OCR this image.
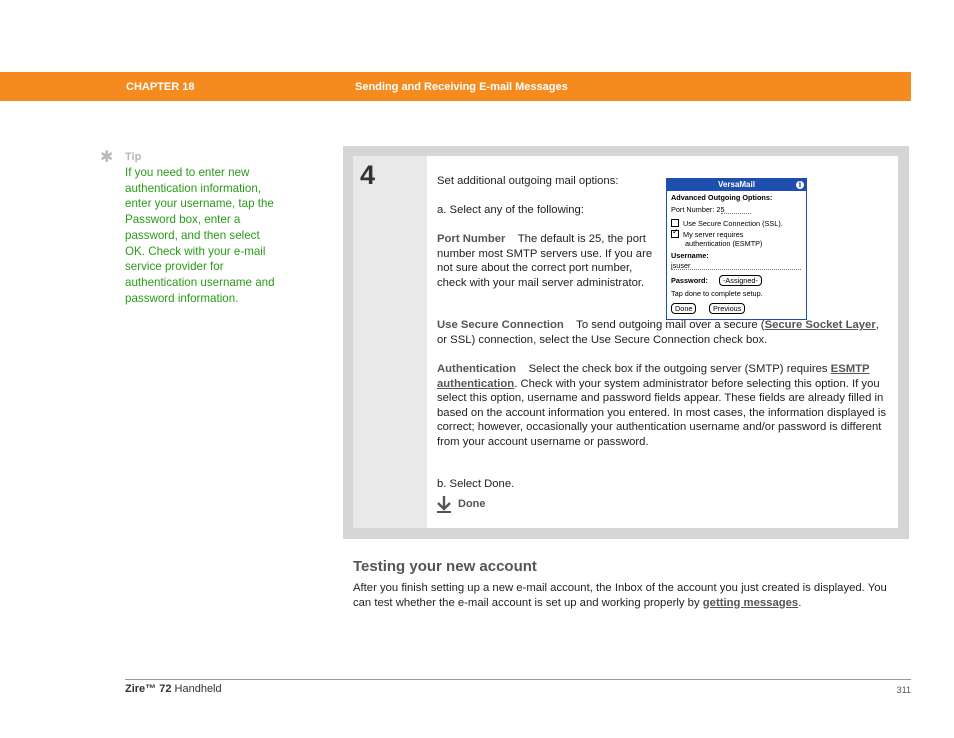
CHAPTER 18	Sending and Receiving E-mail Messages
✱ Tip
If you need to enter new authentication information, enter your username, tap the Password box, enter a password, and then select OK. Check with your e-mail service provider for authentication username and password information.
4	Set additional outgoing mail options:
a. Select any of the following:
Port Number The default is 25, the port number most SMTP servers use. If you are not sure about the correct port number, check with your mail server administrator.
VersaMail	i
Advanced Outgoing Options:
Port Number: 25
Use Secure Connection (SSL).
✓My server requires
authentication (ESMTP)
Username:
jsuser
Password:	-Assigned-
Tap done to complete setup.
Done	Previous
Use Secure Connection To send outgoing mail over a secure (Secure Socket Layer, or SSL) connection, select the Use Secure Connection check box.
Authentication Select the check box if the outgoing server (SMTP) requires ESMTP authentication. Check with your system administrator before selecting this option. If you select this option, username and password fields appear. These fields are already filled in based on the account information you entered. In most cases, the information displayed is correct; however, occasionally your authentication username and/or password is different from your account username or password.
b. Select Done.
Done
Testing your new account
After you finish setting up a new e-mail account, the Inbox of the account you just created is displayed. You can test whether the e-mail account is set up and working properly by getting messages.
Zire™ 72 Handheld	311
